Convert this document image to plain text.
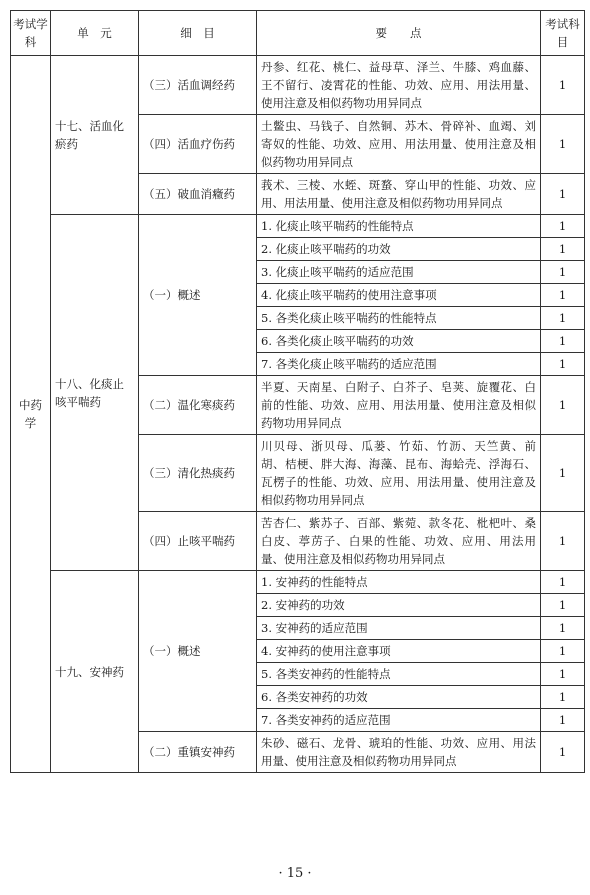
考试学科	单　元	细　目	要　　点	考试科目
中药学	十七、活血化瘀药	（三）活血调经药	丹参、红花、桃仁、益母草、泽兰、牛膝、鸡血藤、王不留行、凌霄花的性能、功效、应用、用法用量、使用注意及相似药物功用异同点	1
		（四）活血疗伤药	土鳖虫、马钱子、自然铜、苏木、骨碎补、血竭、刘寄奴的性能、功效、应用、用法用量、使用注意及相似药物功用异同点	1
		（五）破血消癥药	莪术、三棱、水蛭、斑蝥、穿山甲的性能、功效、应用、用法用量、使用注意及相似药物功用异同点	1
	十八、化痰止咳平喘药	（一）概述	1. 化痰止咳平喘药的性能特点	1
			2. 化痰止咳平喘药的功效	1
			3. 化痰止咳平喘药的适应范围	1
			4. 化痰止咳平喘药的使用注意事项	1
			5. 各类化痰止咳平喘药的性能特点	1
			6. 各类化痰止咳平喘药的功效	1
			7. 各类化痰止咳平喘药的适应范围	1
		（二）温化寒痰药	半夏、天南星、白附子、白芥子、皂荚、旋覆花、白前的性能、功效、应用、用法用量、使用注意及相似药物功用异同点	1
		（三）清化热痰药	川贝母、浙贝母、瓜蒌、竹茹、竹沥、天竺黄、前胡、桔梗、胖大海、海藻、昆布、海蛤壳、浮海石、瓦楞子的性能、功效、应用、用法用量、使用注意及相似药物功用异同点	1
		（四）止咳平喘药	苦杏仁、紫苏子、百部、紫菀、款冬花、枇杷叶、桑白皮、葶苈子、白果的性能、功效、应用、用法用量、使用注意及相似药物功用异同点	1
	十九、安神药	（一）概述	1. 安神药的性能特点	1
			2. 安神药的功效	1
			3. 安神药的适应范围	1
			4. 安神药的使用注意事项	1
			5. 各类安神药的性能特点	1
			6. 各类安神药的功效	1
			7. 各类安神药的适应范围	1
		（二）重镇安神药	朱砂、磁石、龙骨、琥珀的性能、功效、应用、用法用量、使用注意及相似药物功用异同点	1
· 15 ·
